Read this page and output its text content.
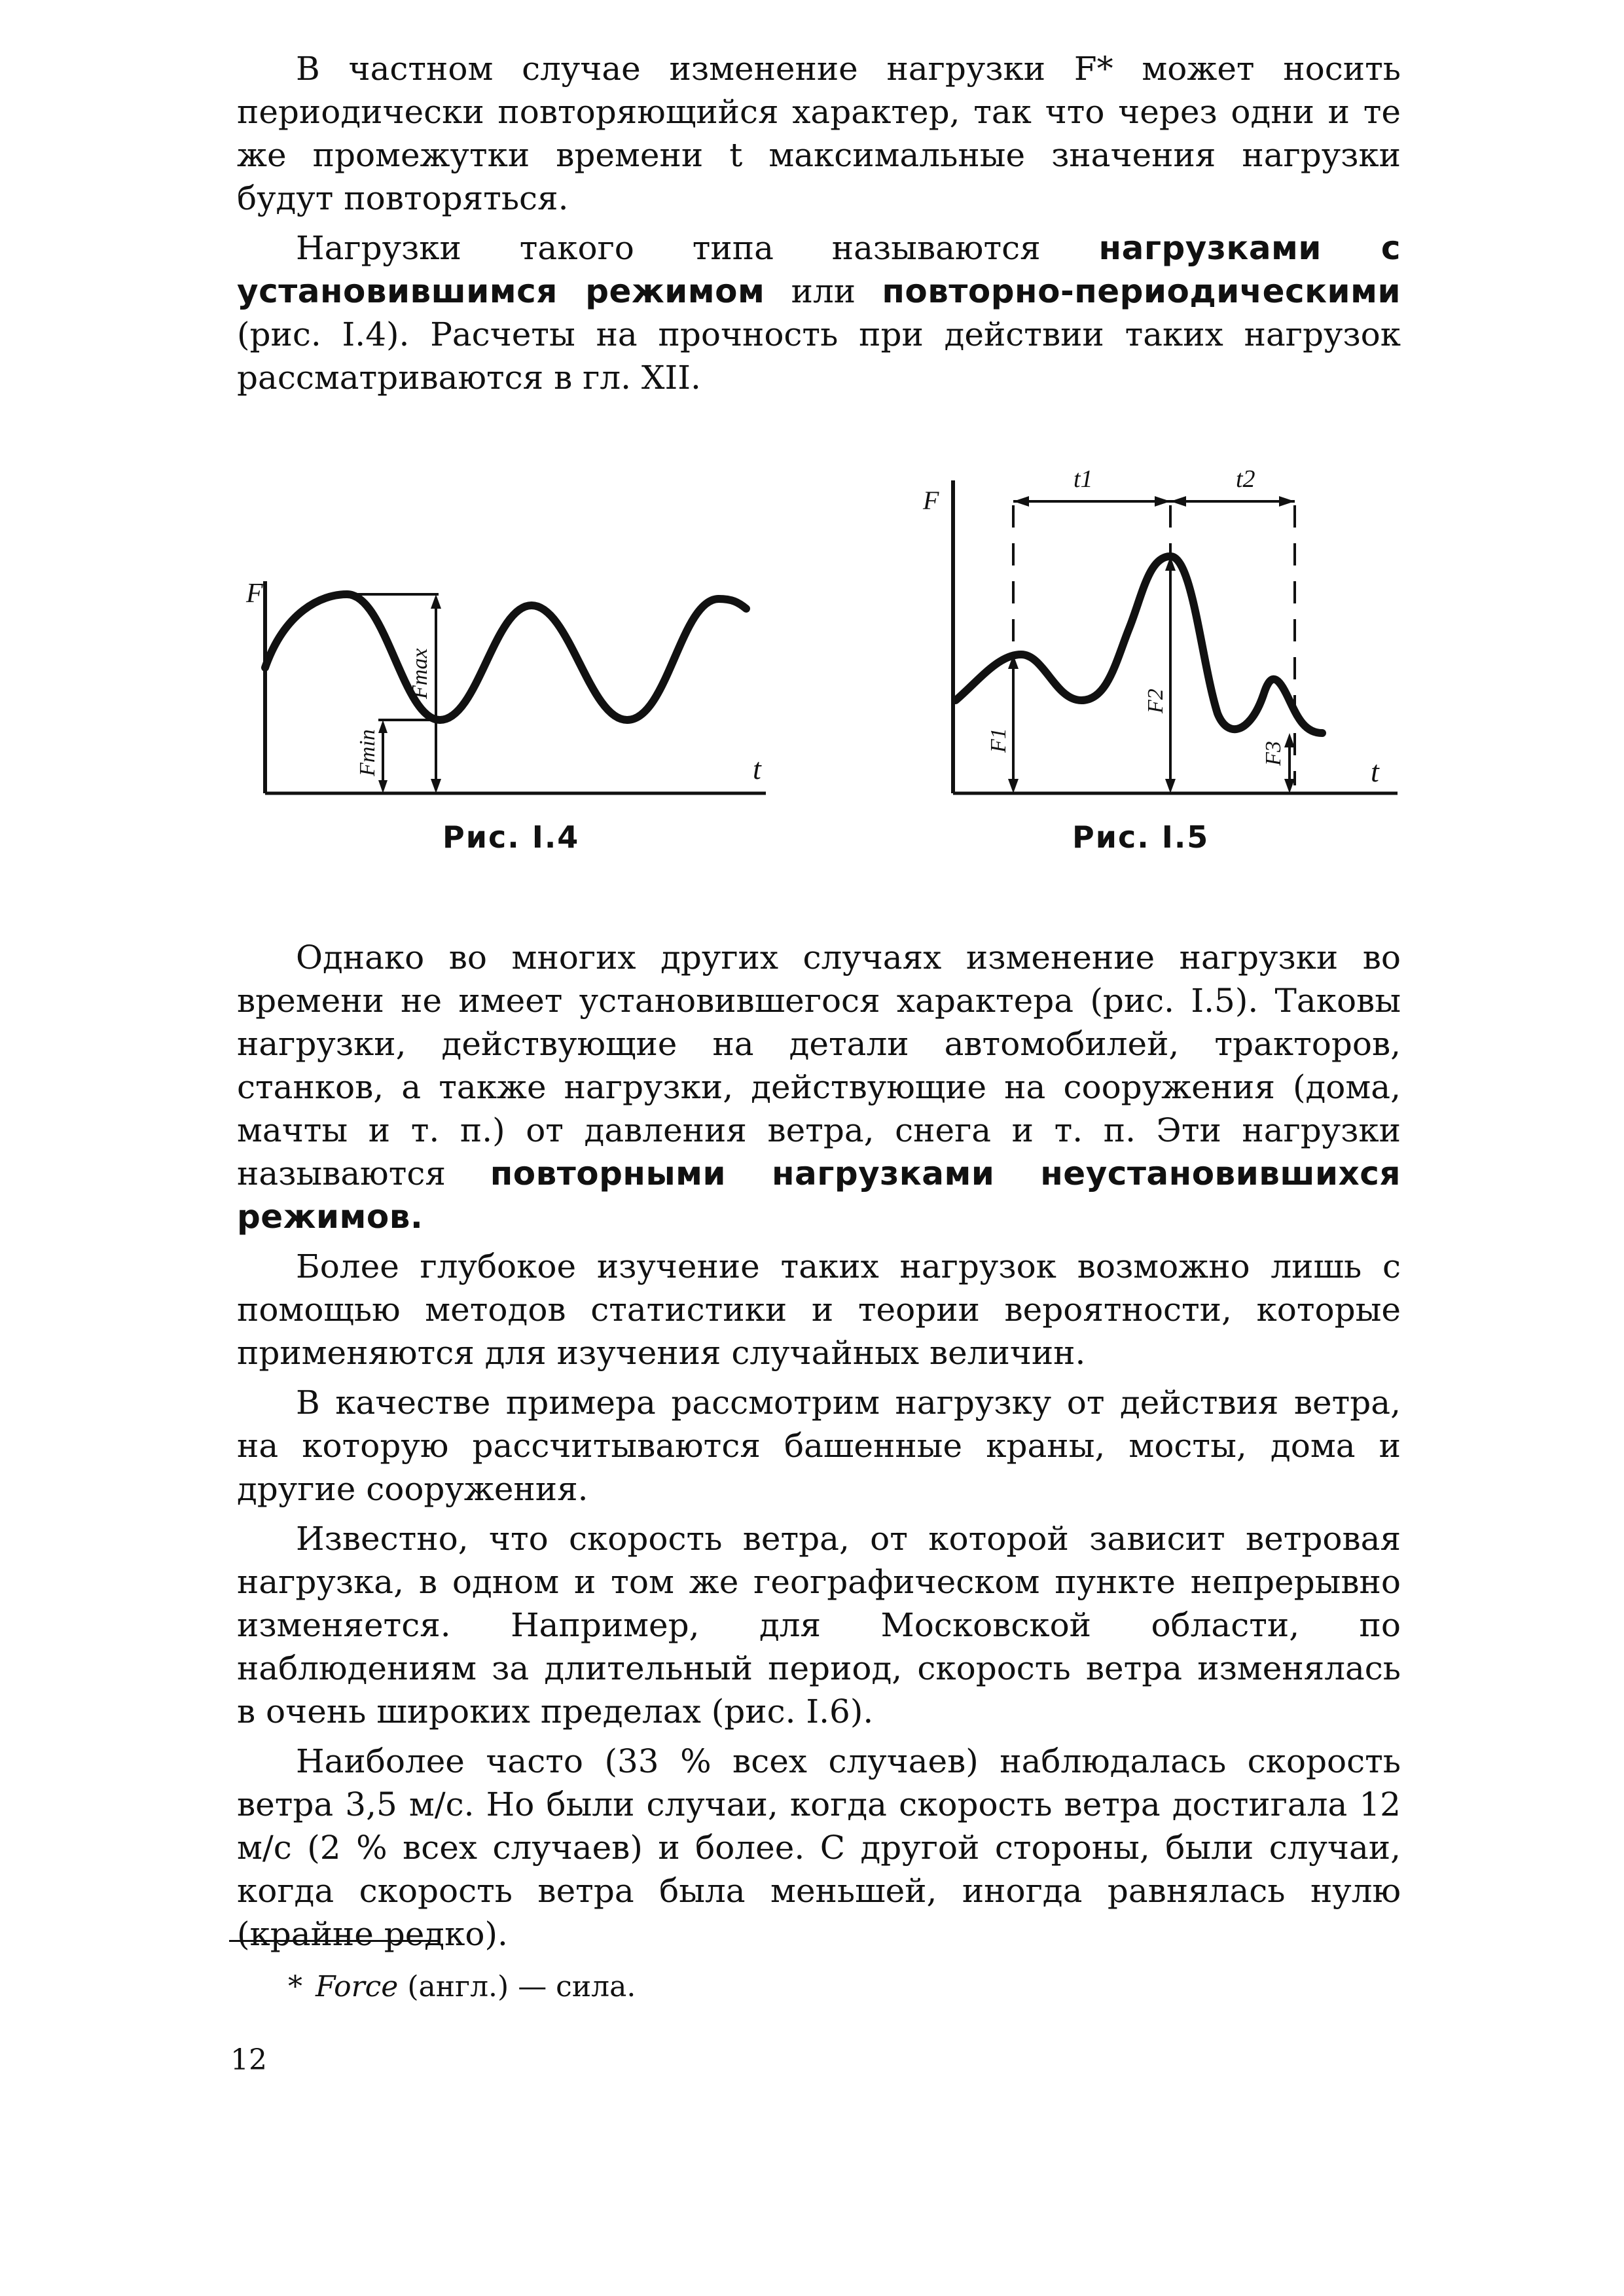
В частном случае изменение нагрузки F* может носить периодически повторяющийся характер, так что через одни и те же промежутки времени t максимальные значения нагрузки будут повторяться.

Нагрузки такого типа называются нагрузками с установившимся режимом или повторно-периодическими (рис. I.4). Расчеты на прочность при действии таких нагрузок рассматриваются в гл. XII.

F
t
Fmax
Fmin
F
t
t1	t2
F1
F2
F3
Рис. I.4	Рис. I.5

Однако во многих других случаях изменение нагрузки во времени не имеет установившегося характера (рис. I.5). Таковы нагрузки, действующие на детали автомобилей, тракторов, станков, а также нагрузки, действующие на сооружения (дома, мачты и т. п.) от давления ветра, снега и т. п. Эти нагрузки называются повторными нагрузками неустановившихся режимов.

Более глубокое изучение таких нагрузок возможно лишь с помощью методов статистики и теории вероятности, которые применяются для изучения случайных величин.

В качестве примера рассмотрим нагрузку от действия ветра, на которую рассчитываются башенные краны, мосты, дома и другие сооружения.

Известно, что скорость ветра, от которой зависит ветровая нагрузка, в одном и том же географическом пункте непрерывно изменяется. Например, для Московской области, по наблюдениям за длительный период, скорость ветра изменялась в очень широких пределах (рис. I.6).

Наиболее часто (33 % всех случаев) наблюдалась скорость ветра 3,5 м/с. Но были случаи, когда скорость ветра достигала 12 м/с (2 % всех случаев) и более. С другой стороны, были случаи, когда скорость ветра была меньшей, иногда равнялась нулю (крайне редко).

* Force (англ.) — сила.
12
